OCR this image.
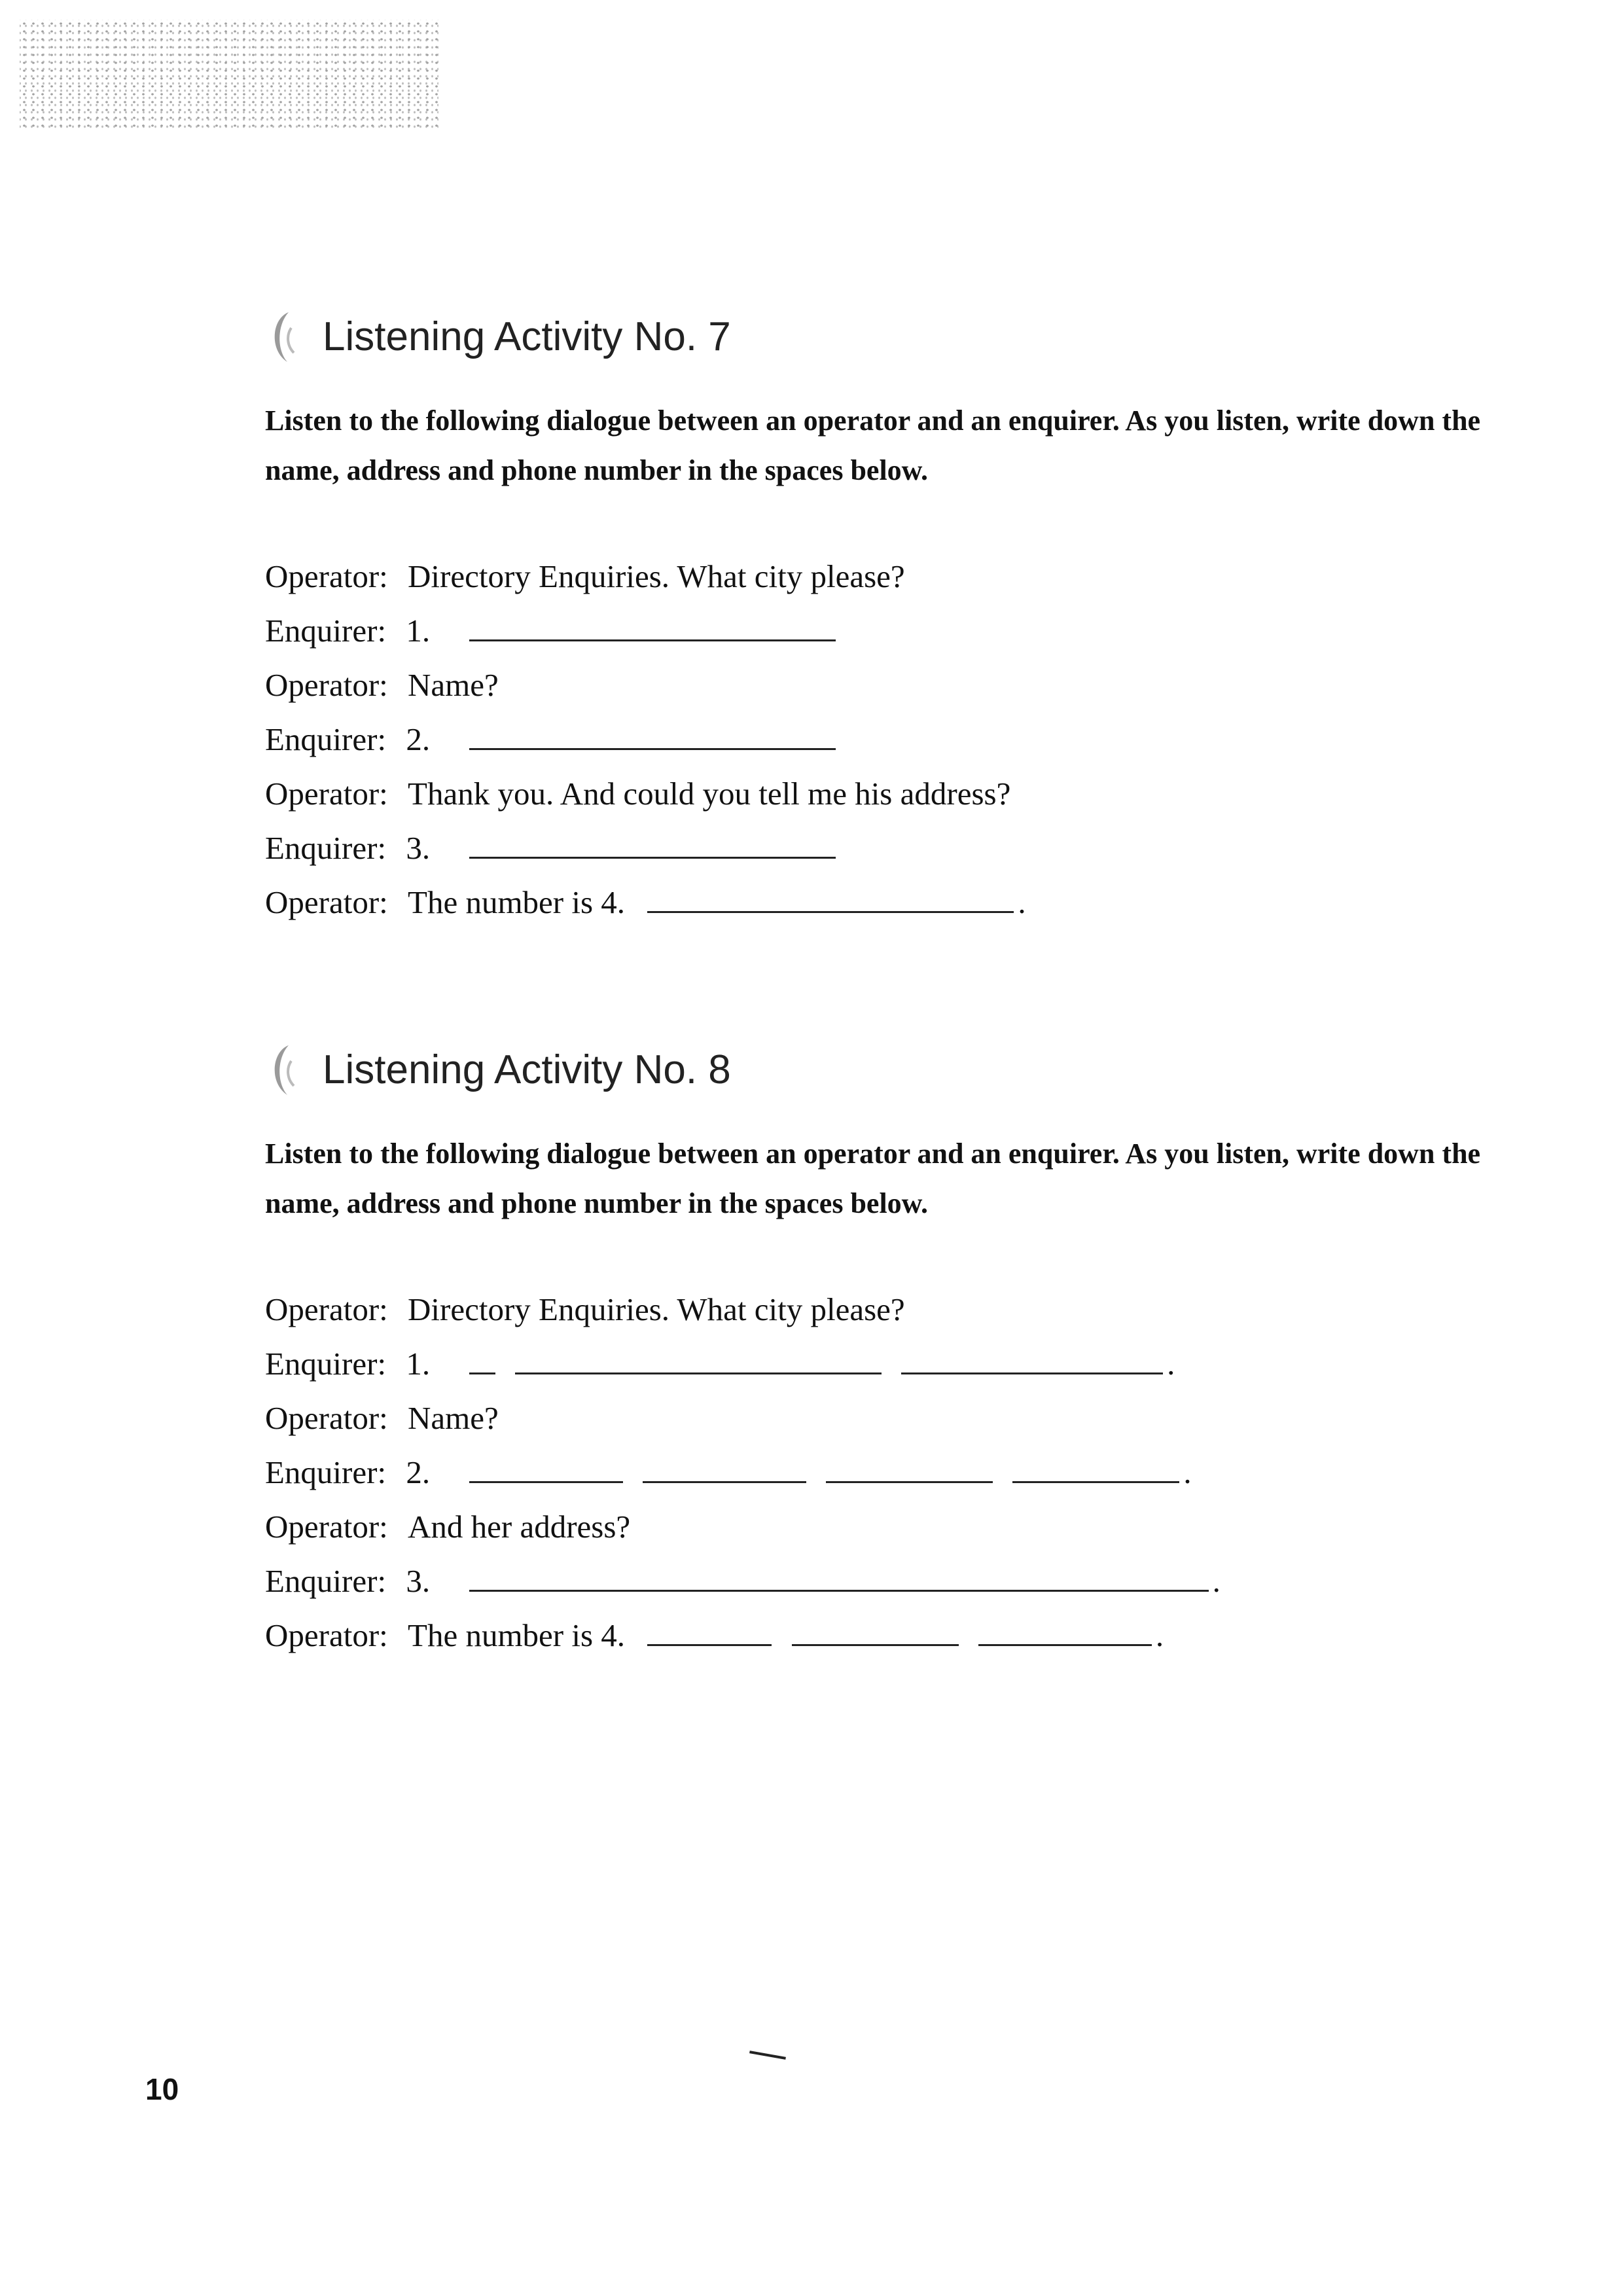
Listening Activity No. 7

Listen to the following dialogue between an operator and an enquirer. As you listen, write down the name, address and phone number in the spaces below.

Operator: Directory Enquiries. What city please?
Enquirer: 1.
Operator: Name?
Enquirer: 2.
Operator: Thank you. And could you tell me his address?
Enquirer: 3.
Operator: The number is 4.	.
Listening Activity No. 8

Listen to the following dialogue between an operator and an enquirer. As you listen, write down the name, address and phone number in the spaces below.

Operator: Directory Enquiries. What city please?
Enquirer: 1.	.
Operator: Name?
Enquirer: 2.	.
Operator: And her address?
Enquirer: 3.	.
Operator: The number is 4.	.
10
